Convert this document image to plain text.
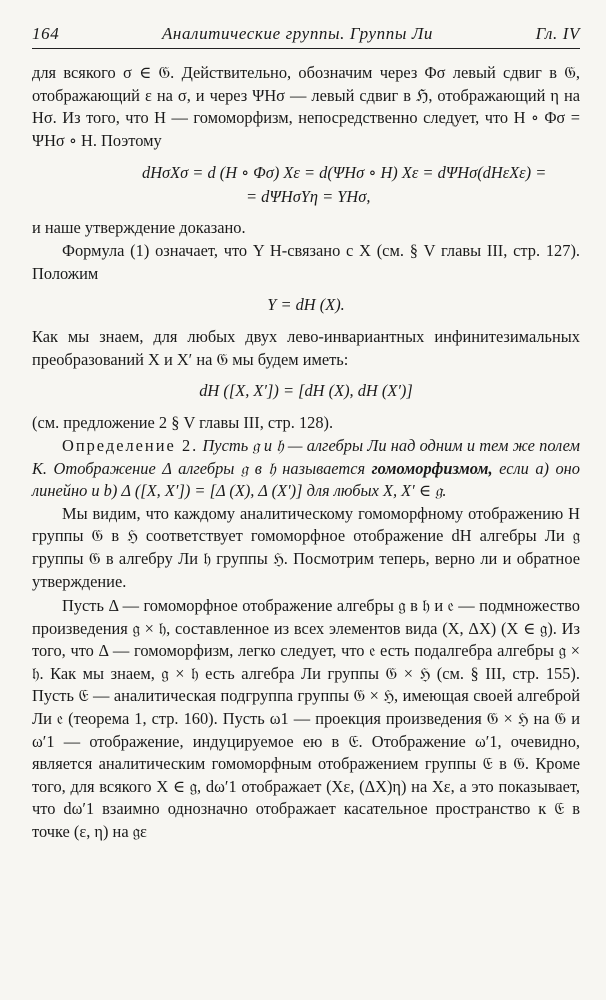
164	Аналитические группы. Группы Ли	Гл. IV

для всякого σ ∈ 𝔊. Действительно, обозначим через Φσ левый сдвиг в 𝔊, отображающий ε на σ, и через ΨHσ — левый сдвиг в ℌ, отображающий η на Hσ. Из того, что H — гомоморфизм, непосредственно следует, что H ∘ Φσ = ΨHσ ∘ H. Поэтому

dHσXσ = d (H ∘ Φσ) Xε = d(ΨHσ ∘ H) Xε = dΨHσ(dHεXε) =
= dΨHσYη = YHσ,

и наше утверждение доказано.

Формула (1) означает, что Y H-связано с X (см. § V главы III, стр. 127). Положим

Y = dH (X).

Как мы знаем, для любых двух лево-инвариантных инфинитезимальных преобразований X и X′ на 𝔊 мы будем иметь:

dH ([X, X′]) = [dH (X), dH (X′)]

(см. предложение 2 § V главы III, стр. 128).

Определение 2. Пусть 𝔤 и 𝔥 — алгебры Ли над одним и тем же полем K. Отображение Δ алгебры 𝔤 в 𝔥 называется гомоморфизмом, если а) оно линейно и b) Δ ([X, X′]) = [Δ (X), Δ (X′)] для любых X, X′ ∈ 𝔤.

Мы видим, что каждому аналитическому гомоморфному отображению H группы 𝔊 в ℌ соответствует гомоморфное отображение dH алгебры Ли 𝔤 группы 𝔊 в алгебру Ли 𝔥 группы ℌ. Посмотрим теперь, верно ли и обратное утверждение.

Пусть Δ — гомоморфное отображение алгебры 𝔤 в 𝔥 и 𝔢 — подмножество произведения 𝔤 × 𝔥, составленное из всех элементов вида (X, ΔX) (X ∈ 𝔤). Из того, что Δ — гомоморфизм, легко следует, что 𝔢 есть подалгебра алгебры 𝔤 × 𝔥. Как мы знаем, 𝔤 × 𝔥 есть алгебра Ли группы 𝔊 × ℌ (см. § III, стр. 155). Пусть 𝔈 — аналитическая подгруппа группы 𝔊 × ℌ, имеющая своей алгеброй Ли 𝔢 (теорема 1, стр. 160). Пусть ω1 — проекция произведения 𝔊 × ℌ на 𝔊 и ω′1 — отображение, индуцируемое ею в 𝔈. Отображение ω′1, очевидно, является аналитическим гомоморфным отображением группы 𝔈 в 𝔊. Кроме того, для всякого X ∈ 𝔤, dω′1 отображает (Xε, (ΔX)η) на Xε, а это показывает, что dω′1 взаимно однозначно отображает касательное пространство к 𝔈 в точке (ε, η) на 𝔤ε
